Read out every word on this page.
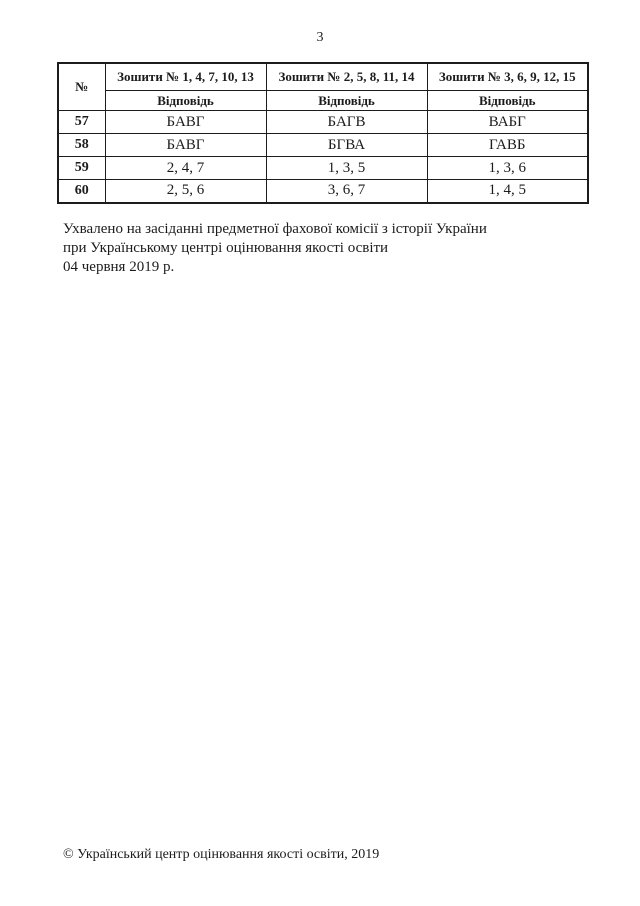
3
№	Зошити № 1, 4, 7, 10, 13	Зошити № 2, 5, 8, 11, 14	Зошити № 3, 6, 9, 12, 15
	Відповідь	Відповідь	Відповідь
57	БАВГ	БАГВ	ВАБГ
58	БАВГ	БГВА	ГАВБ
59	2, 4, 7	1, 3, 5	1, 3, 6
60	2, 5, 6	3, 6, 7	1, 4, 5
Ухвалено на засіданні предметної фахової комісії з історії України
при Українському центрі оцінювання якості освіти
04 червня 2019 р.
© Український центр оцінювання якості освіти, 2019
